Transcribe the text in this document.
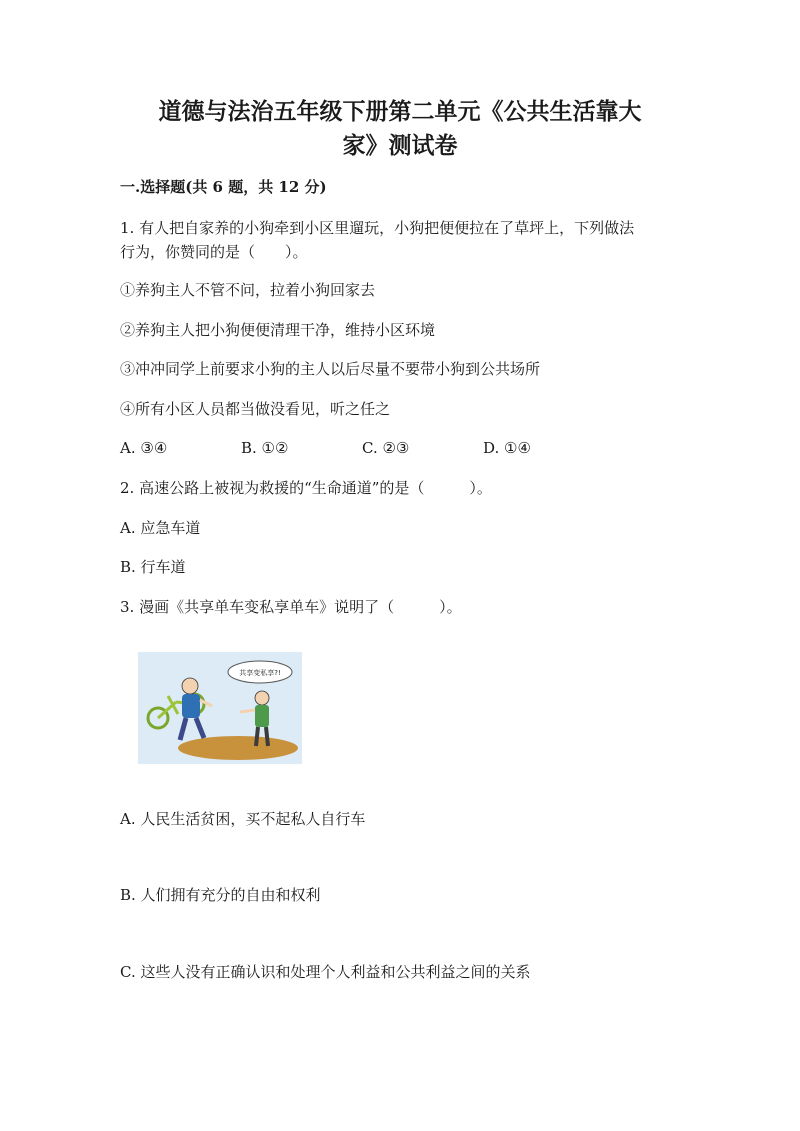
道德与法治五年级下册第二单元《公共生活靠大
家》测试卷
一.选择题(共 6 题，共 12 分)
1. 有人把自家养的小狗牵到小区里遛玩，小狗把便便拉在了草坪上，下列做法
行为，你赞同的是（　　）。
①养狗主人不管不问，拉着小狗回家去
②养狗主人把小狗便便清理干净，维持小区环境
③冲冲同学上前要求小狗的主人以后尽量不要带小狗到公共场所
④所有小区人员都当做没看见，听之任之
A. ③④	B. ①②	C. ②③	D. ①④
2. 高速公路上被视为救援的“生命通道”的是（　　　）。
A. 应急车道
B. 行车道
3. 漫画《共享单车变私享单车》说明了（　　　）。
共享变私享?!
A. 人民生活贫困，买不起私人自行车
B. 人们拥有充分的自由和权利
C. 这些人没有正确认识和处理个人利益和公共利益之间的关系
